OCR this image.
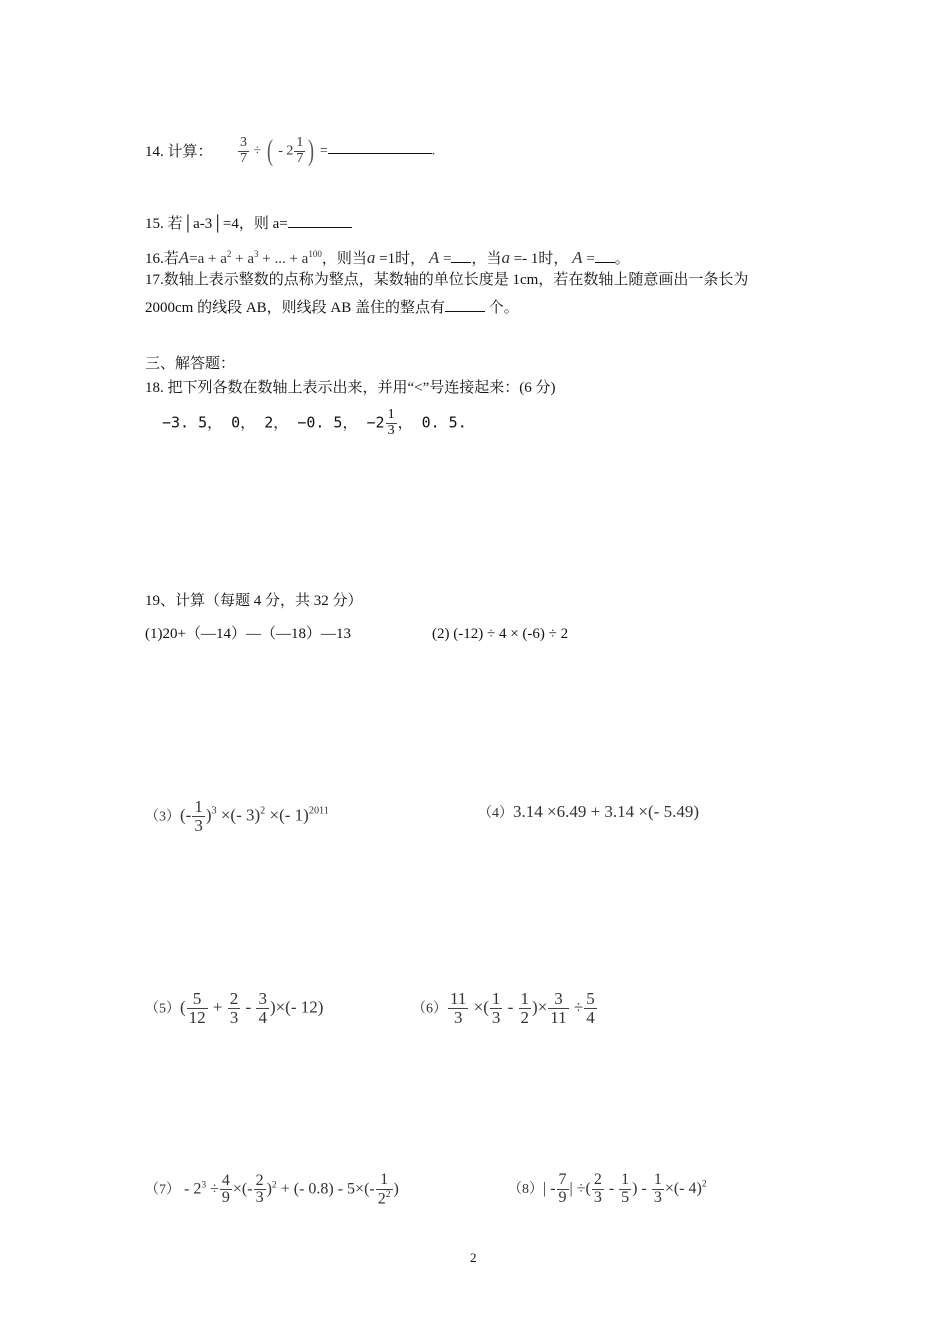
14. 计算： $\frac{3}{7}$ ÷ ( - $2 \frac{1}{7}$ ) =	.
15. 若│a-3│=4，则 a=
16.若$A=a + a^2 + a^3$ + ... + $a^{100}$，则当a =1时， A = ，当a =- 1时， A = 。
17.数轴上表示整数的点称为整点，某数轴的单位长度是 1cm，若在数轴上随意画出一条长为
2000cm 的线段 AB，则线段 AB 盖住的整点有	个。
三、解答题：
18. 把下列各数在数轴上表示出来，并用“<”号连接起来：(6 分)
−3. 5， 0， 2， −0. 5， $-2 \frac{1}{3}$ ， 0. 5.
19、计算（每题 4 分，共 32 分）
(1)20+（—14）—（—18）—13	(2) (-12) ÷ 4 × (-6) ÷ 2
$(3)(- \frac{1}{3} )^3$ ×(- 3)$^2$ ×(- 1)$^{2011}$	（4）3.14 ×6.49 + 3.14 ×(- 5.49)
$(5)( \frac{5}{12} + \frac{2}{3} - \frac{3}{4}$ )×(- 12)	$(6) \frac{11}{3}$ ×( $\frac{1}{3} - \frac{1}{2}$ )× $\frac{3}{11} \div \frac{5}{4}$
$(7) - 2^3 \div \frac{4}{9}$ ×(- $\frac{2}{3} )^2$ + (- $0.8) - 5\times(- \frac{1}{2^2}$ )	$(8)| - \frac{7}{9}$ | ÷( $\frac{2}{3} - \frac{1}{5}$ ) - $\frac{1}{3}$ ×(- 4)$^2$
2
